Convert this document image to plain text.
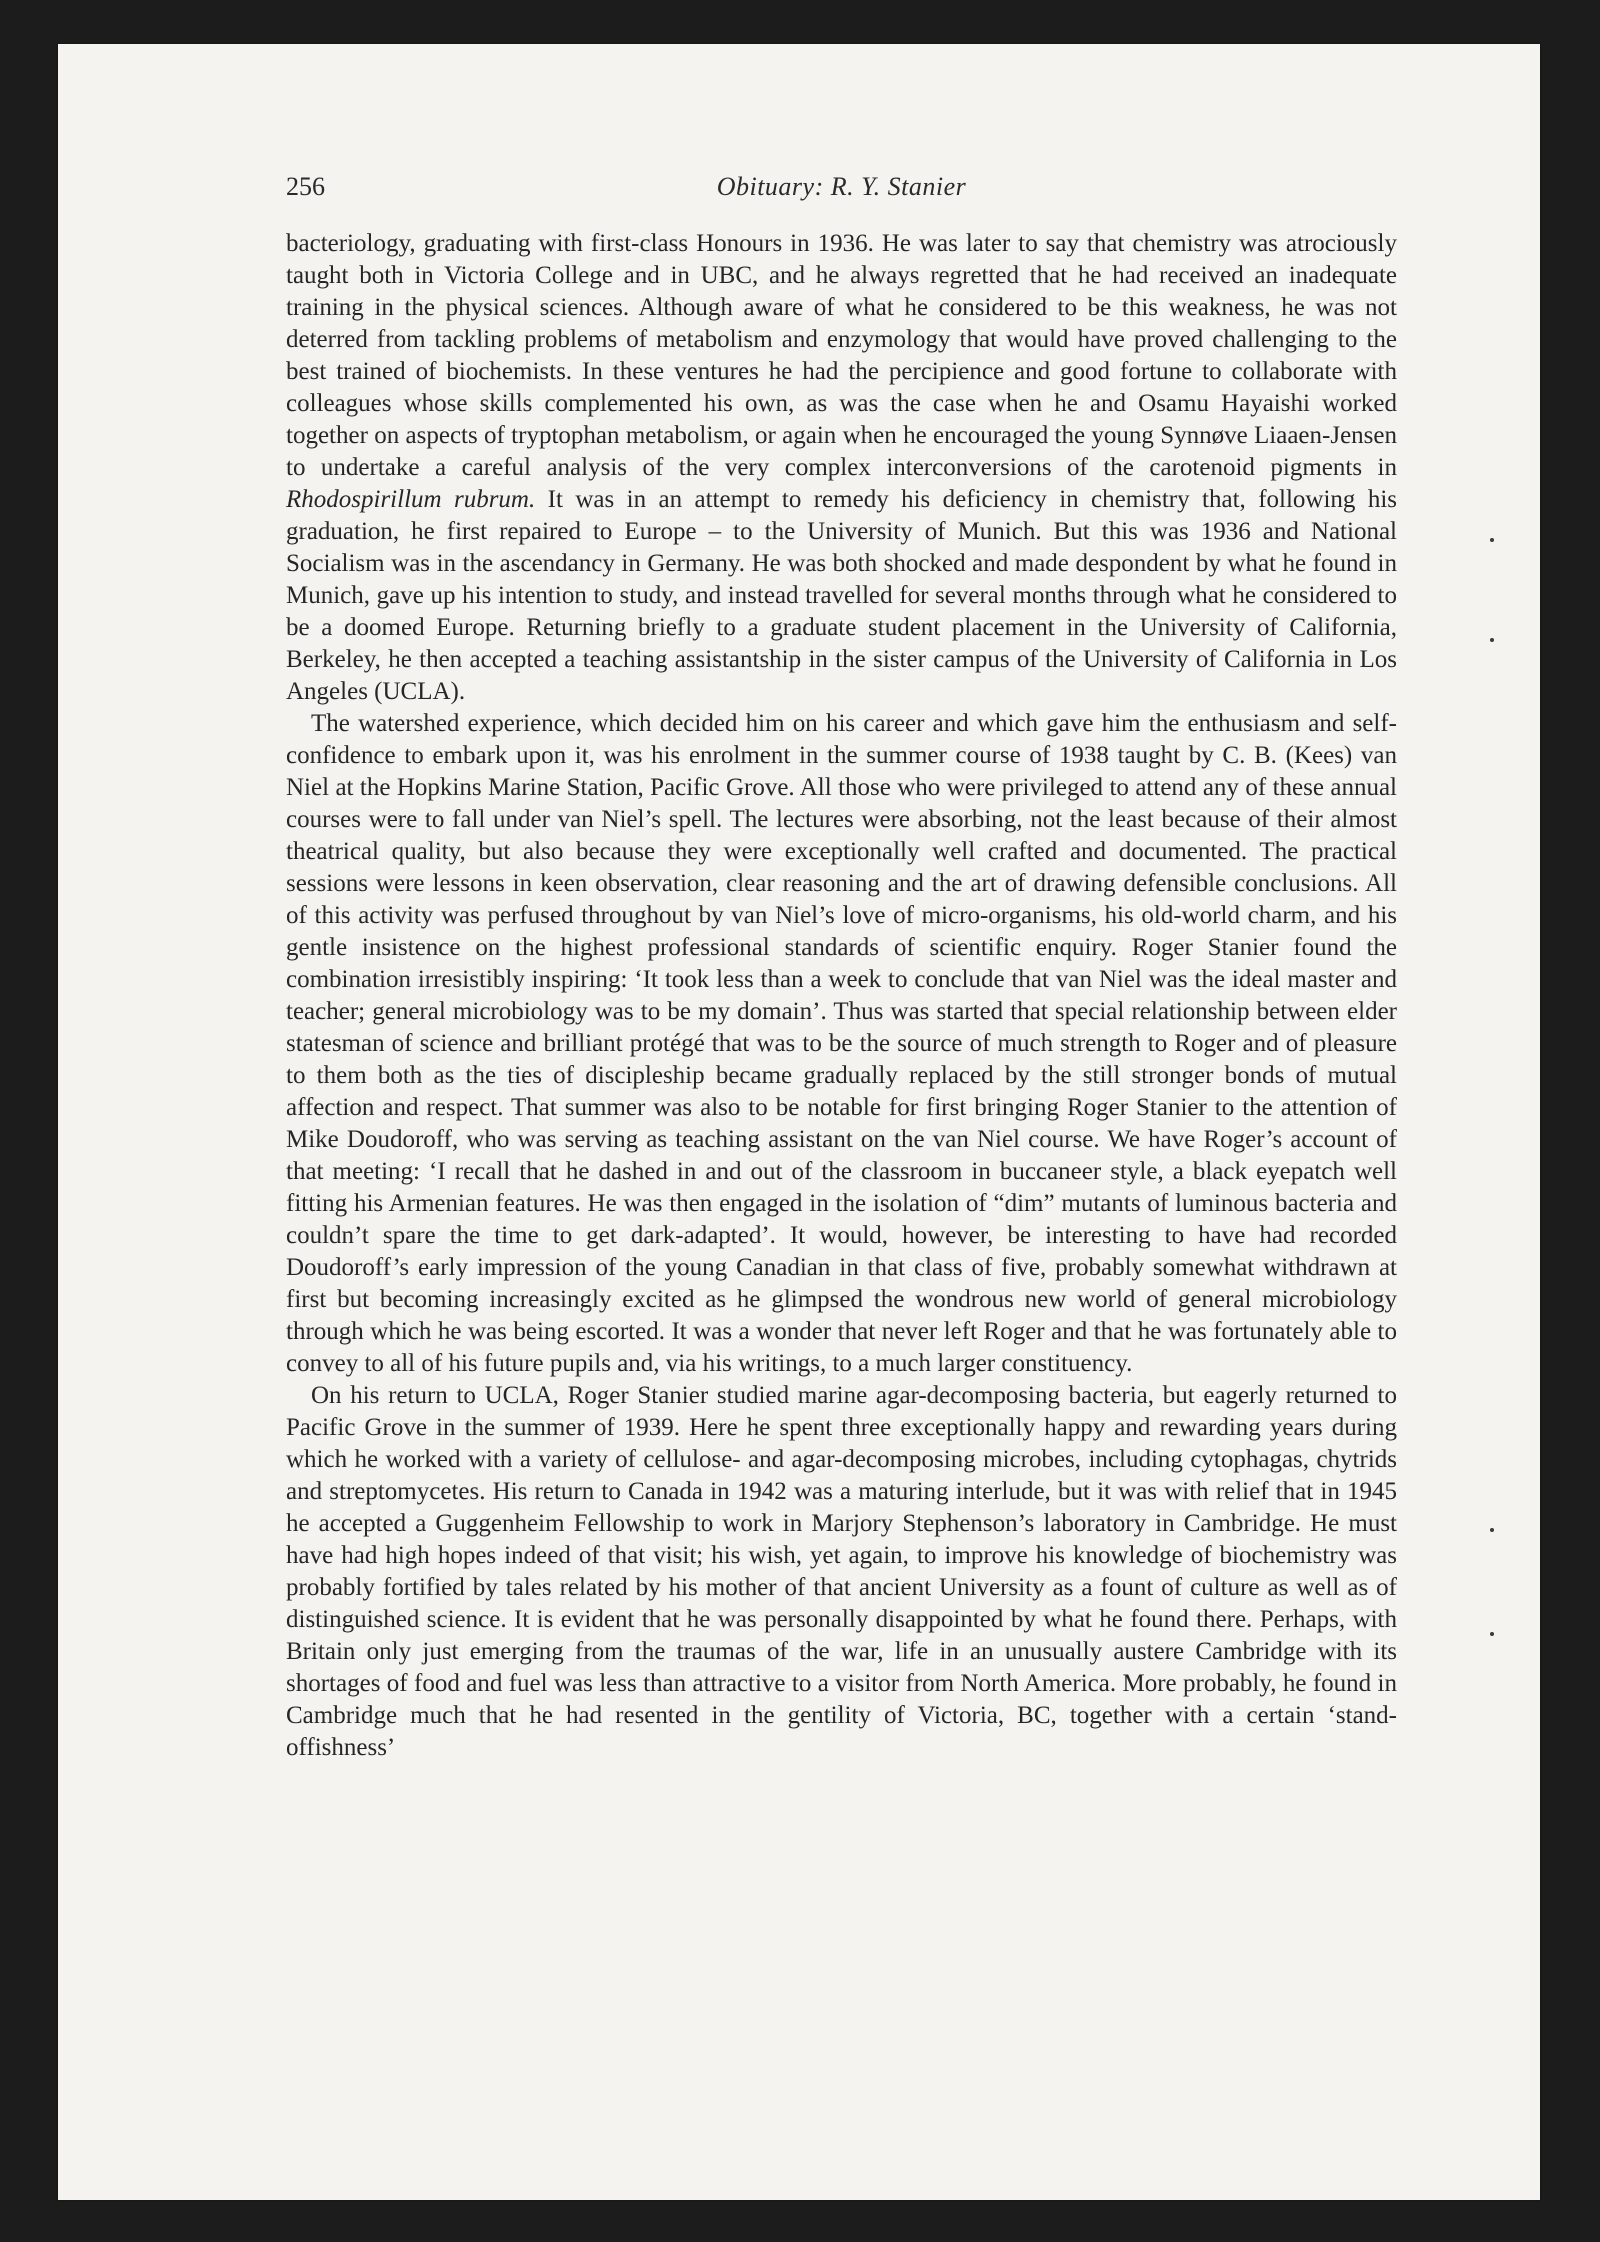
256	Obituary: R. Y. Stanier

bacteriology, graduating with first-class Honours in 1936. He was later to say that chemistry was atrociously taught both in Victoria College and in UBC, and he always regretted that he had received an inadequate training in the physical sciences. Although aware of what he considered to be this weakness, he was not deterred from tackling problems of metabolism and enzymology that would have proved challenging to the best trained of biochemists. In these ventures he had the percipience and good fortune to collaborate with colleagues whose skills complemented his own, as was the case when he and Osamu Hayaishi worked together on aspects of tryptophan metabolism, or again when he encouraged the young Synnøve Liaaen-Jensen to undertake a careful analysis of the very complex interconversions of the carotenoid pigments in Rhodospirillum rubrum. It was in an attempt to remedy his deficiency in chemistry that, following his graduation, he first repaired to Europe – to the University of Munich. But this was 1936 and National Socialism was in the ascendancy in Germany. He was both shocked and made despondent by what he found in Munich, gave up his intention to study, and instead travelled for several months through what he considered to be a doomed Europe. Returning briefly to a graduate student placement in the University of California, Berkeley, he then accepted a teaching assistantship in the sister campus of the University of California in Los Angeles (UCLA).

The watershed experience, which decided him on his career and which gave him the enthusiasm and self-confidence to embark upon it, was his enrolment in the summer course of 1938 taught by C. B. (Kees) van Niel at the Hopkins Marine Station, Pacific Grove. All those who were privileged to attend any of these annual courses were to fall under van Niel’s spell. The lectures were absorbing, not the least because of their almost theatrical quality, but also because they were exceptionally well crafted and documented. The practical sessions were lessons in keen observation, clear reasoning and the art of drawing defensible conclusions. All of this activity was perfused throughout by van Niel’s love of micro-organisms, his old-world charm, and his gentle insistence on the highest professional standards of scientific enquiry. Roger Stanier found the combination irresistibly inspiring: ‘It took less than a week to conclude that van Niel was the ideal master and teacher; general microbiology was to be my domain’. Thus was started that special relationship between elder statesman of science and brilliant protégé that was to be the source of much strength to Roger and of pleasure to them both as the ties of discipleship became gradually replaced by the still stronger bonds of mutual affection and respect. That summer was also to be notable for first bringing Roger Stanier to the attention of Mike Doudoroff, who was serving as teaching assistant on the van Niel course. We have Roger’s account of that meeting: ‘I recall that he dashed in and out of the classroom in buccaneer style, a black eyepatch well fitting his Armenian features. He was then engaged in the isolation of “dim” mutants of luminous bacteria and couldn’t spare the time to get dark-adapted’. It would, however, be interesting to have had recorded Doudoroff’s early impression of the young Canadian in that class of five, probably somewhat withdrawn at first but becoming increasingly excited as he glimpsed the wondrous new world of general microbiology through which he was being escorted. It was a wonder that never left Roger and that he was fortunately able to convey to all of his future pupils and, via his writings, to a much larger constituency.

On his return to UCLA, Roger Stanier studied marine agar-decomposing bacteria, but eagerly returned to Pacific Grove in the summer of 1939. Here he spent three exceptionally happy and rewarding years during which he worked with a variety of cellulose- and agar-decomposing microbes, including cytophagas, chytrids and streptomycetes. His return to Canada in 1942 was a maturing interlude, but it was with relief that in 1945 he accepted a Guggenheim Fellowship to work in Marjory Stephenson’s laboratory in Cambridge. He must have had high hopes indeed of that visit; his wish, yet again, to improve his knowledge of biochemistry was probably fortified by tales related by his mother of that ancient University as a fount of culture as well as of distinguished science. It is evident that he was personally disappointed by what he found there. Perhaps, with Britain only just emerging from the traumas of the war, life in an unusually austere Cambridge with its shortages of food and fuel was less than attractive to a visitor from North America. More probably, he found in Cambridge much that he had resented in the gentility of Victoria, BC, together with a certain ‘stand-offishness’
